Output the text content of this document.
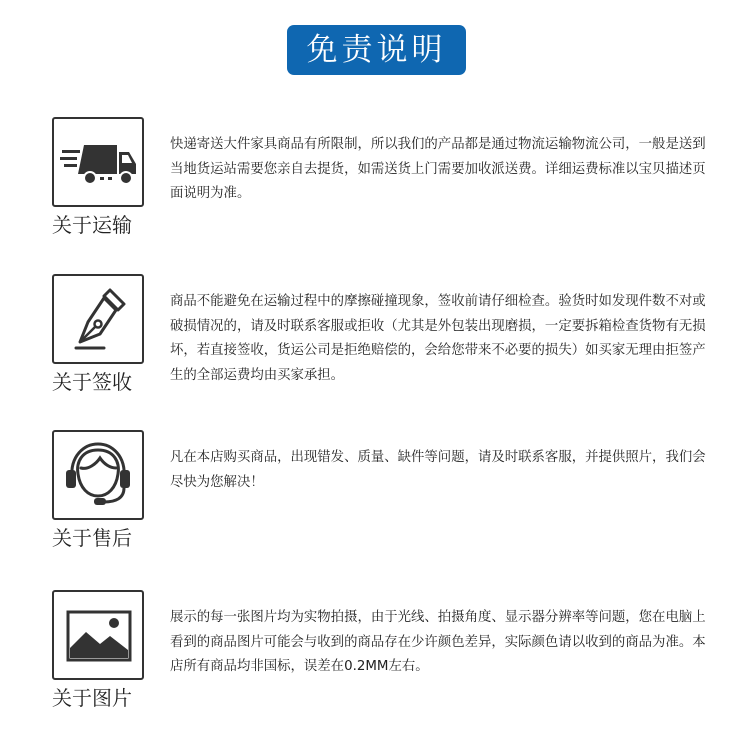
免责说明
关于运输
快递寄送大件家具商品有所限制，所以我们的产品都是通过物流运输物流公司，一般是送到当地货运站需要您亲自去提货，如需送货上门需要加收派送费。详细运费标准以宝贝描述页面说明为准。
关于签收
商品不能避免在运输过程中的摩擦碰撞现象，签收前请仔细检查。验货时如发现件数不对或破损情况的，请及时联系客服或拒收（尤其是外包装出现磨损，一定要拆箱检查货物有无损坏，若直接签收，货运公司是拒绝赔偿的，会给您带来不必要的损失）如买家无理由拒签产生的全部运费均由买家承担。
关于售后
凡在本店购买商品，出现错发、质量、缺件等问题，请及时联系客服，并提供照片，我们会尽快为您解决！
关于图片
展示的每一张图片均为实物拍摄，由于光线、拍摄角度、显示器分辨率等问题，您在电脑上看到的商品图片可能会与收到的商品存在少许颜色差异，实际颜色请以收到的商品为准。本店所有商品均非国标，误差在0.2MM左右。
